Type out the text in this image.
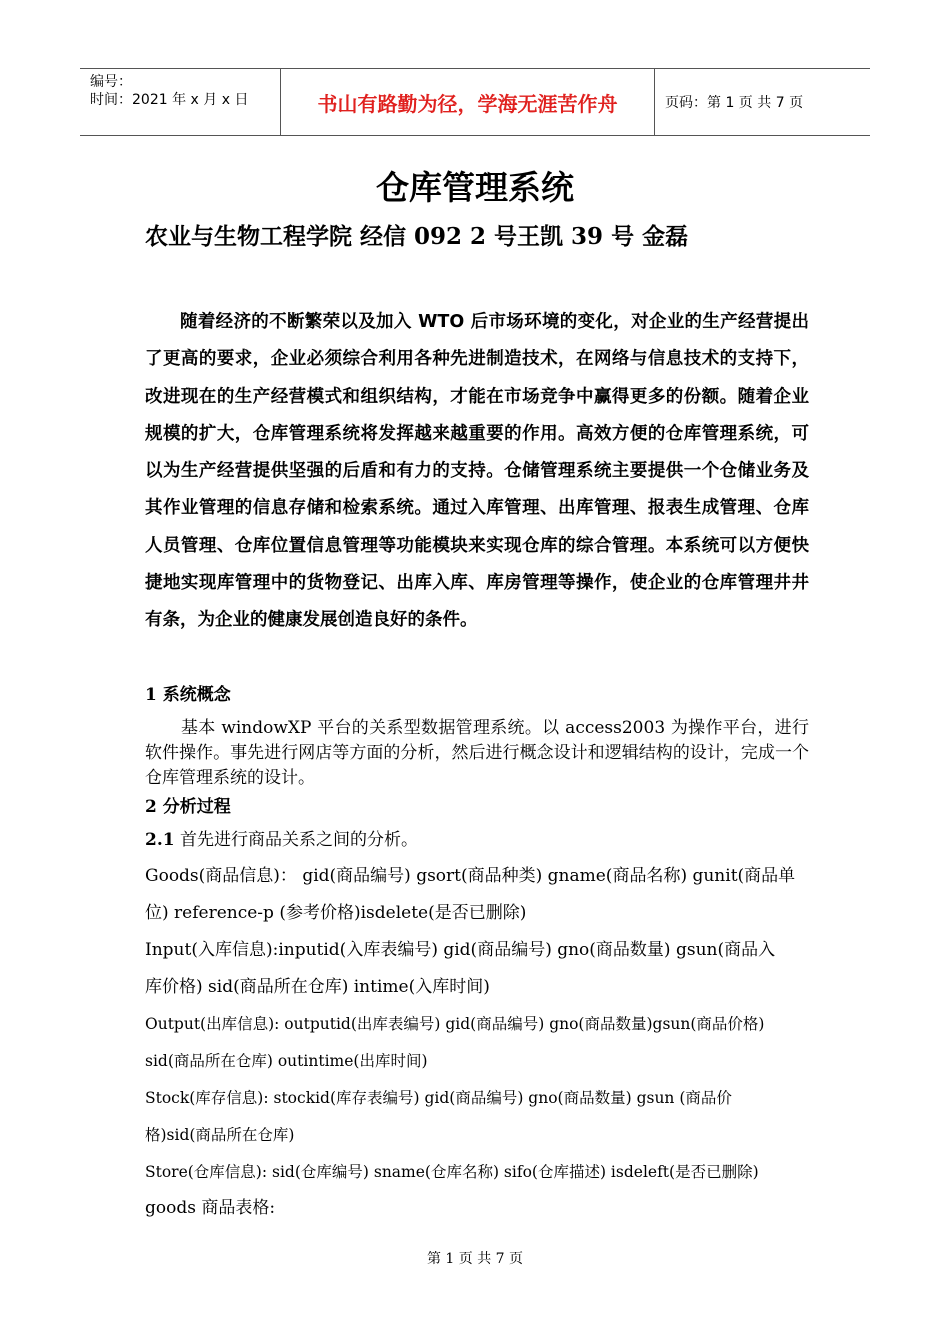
编号：
时间：2021 年 x 月 x 日	书山有路勤为径，学海无涯苦作舟	页码：第 1 页 共 7 页
仓库管理系统
农业与生物工程学院 经信 092 2 号王凯 39 号 金磊

随着经济的不断繁荣以及加入 WTO 后市场环境的变化，对企业的生产经营提出了更高的要求，企业必须综合利用各种先进制造技术，在网络与信息技术的支持下，改进现在的生产经营模式和组织结构，才能在市场竞争中赢得更多的份额。随着企业规模的扩大，仓库管理系统将发挥越来越重要的作用。高效方便的仓库管理系统，可以为生产经营提供坚强的后盾和有力的支持。仓储管理系统主要提供一个仓储业务及其作业管理的信息存储和检索系统。通过入库管理、出库管理、报表生成管理、仓库人员管理、仓库位置信息管理等功能模块来实现仓库的综合管理。本系统可以方便快捷地实现库管理中的货物登记、出库入库、库房管理等操作，使企业的仓库管理井井有条，为企业的健康发展创造良好的条件。

1 系统概念

基本 windowXP 平台的关系型数据管理系统。以 access2003 为操作平台，进行软件操作。事先进行网店等方面的分析，然后进行概念设计和逻辑结构的设计，完成一个仓库管理系统的设计。

2 分析过程
2.1 首先进行商品关系之间的分析。
Goods(商品信息)： gid(商品编号) gsort(商品种类) gname(商品名称) gunit(商品单
位) reference-p (参考价格)isdelete(是否已删除)
Input(入库信息):inputid(入库表编号) gid(商品编号) gno(商品数量) gsun(商品入
库价格) sid(商品所在仓库) intime(入库时间)
Output(出库信息): outputid(出库表编号) gid(商品编号) gno(商品数量)gsun(商品价格)
sid(商品所在仓库) outintime(出库时间)
Stock(库存信息): stockid(库存表编号) gid(商品编号) gno(商品数量) gsun (商品价
格)sid(商品所在仓库)
Store(仓库信息): sid(仓库编号) sname(仓库名称) sifo(仓库描述) isdeleft(是否已删除)
goods 商品表格:
第 1 页 共 7 页
